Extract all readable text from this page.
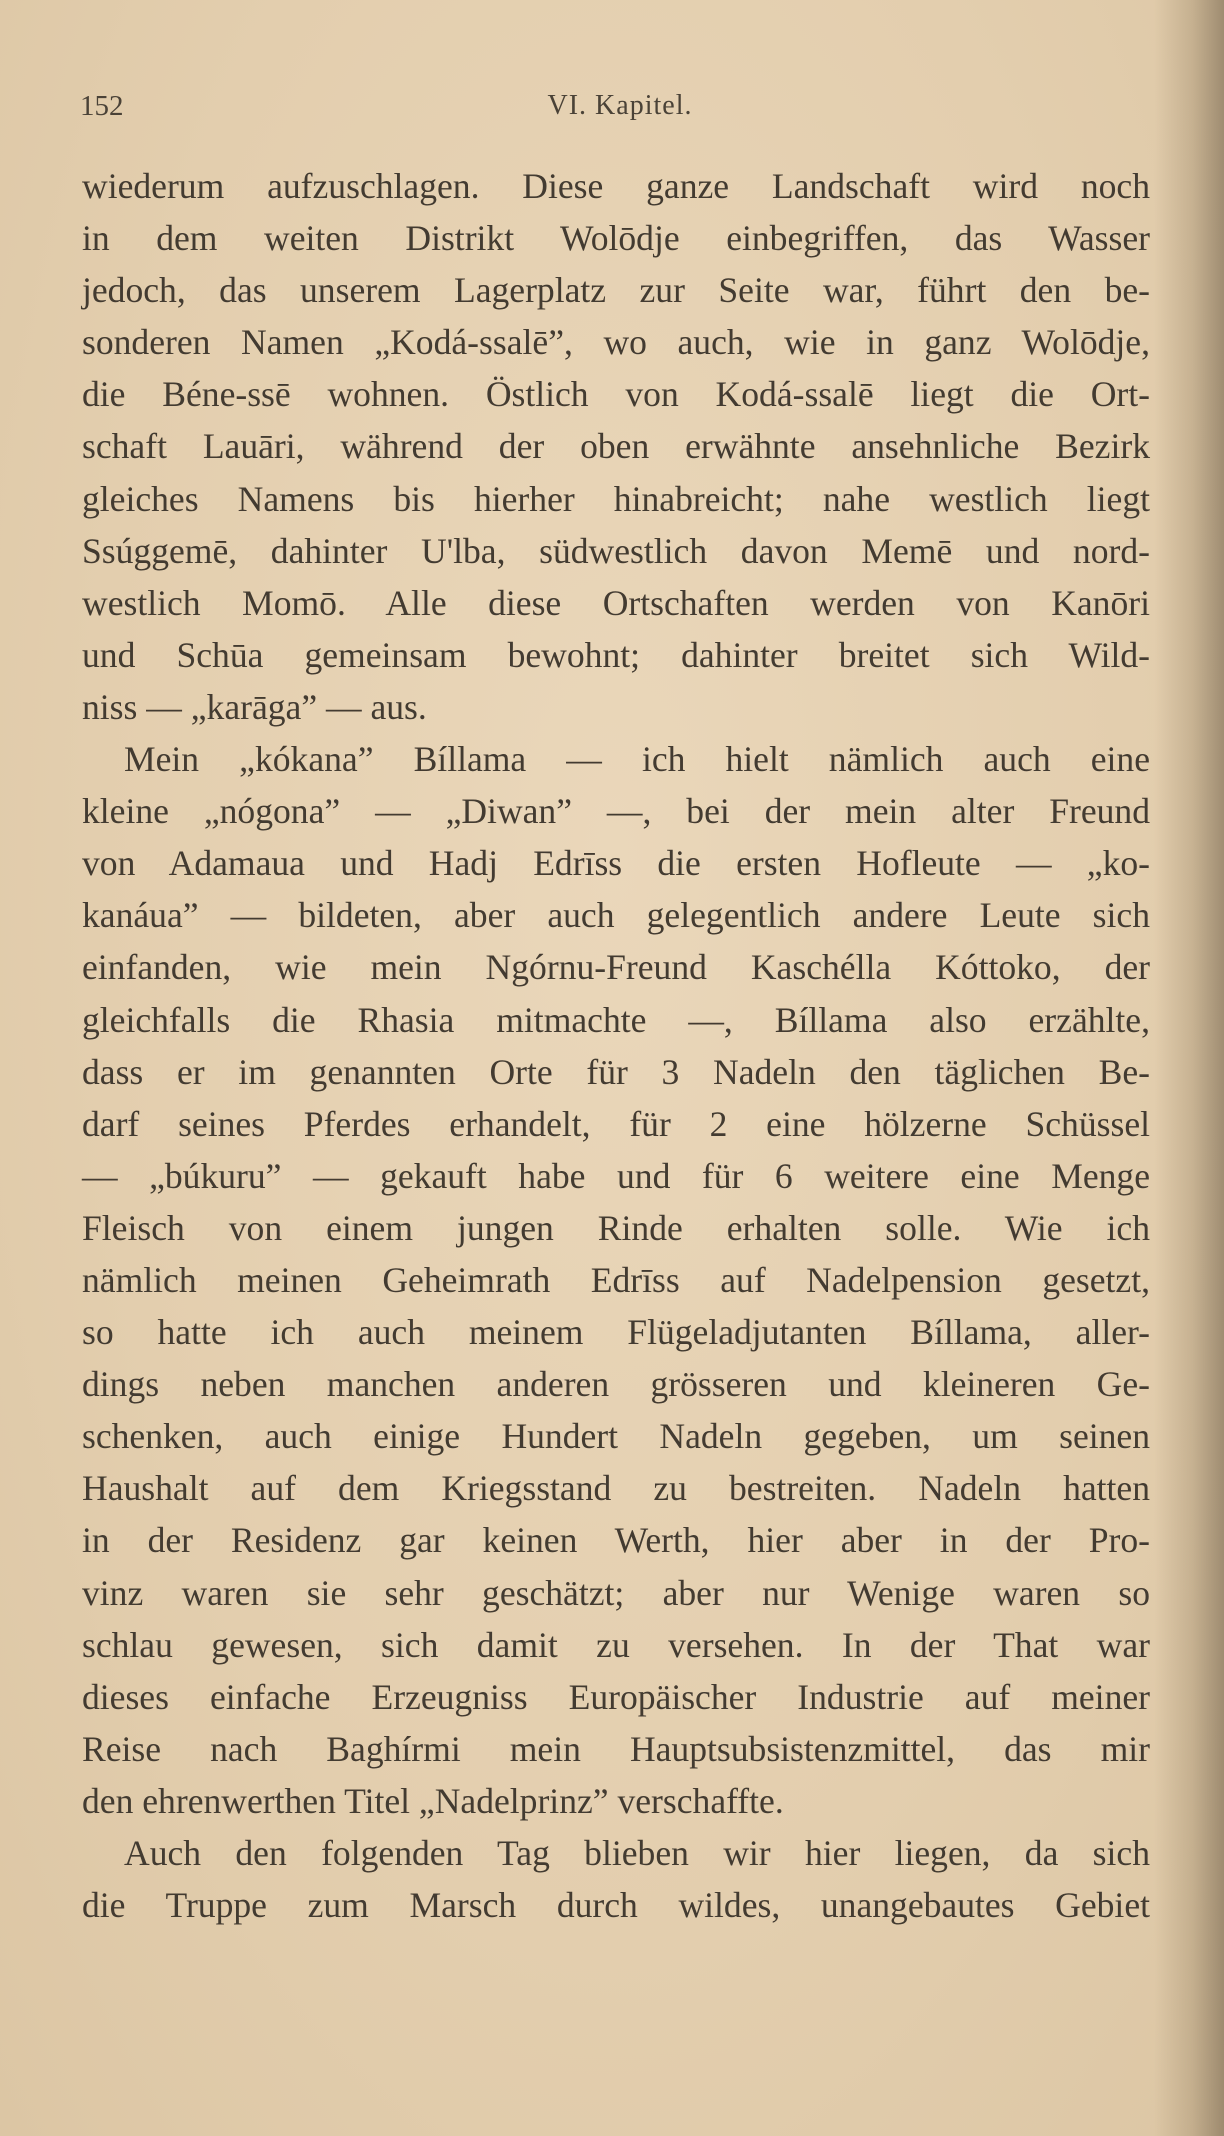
152	VI. Kapitel.
wiederum aufzuschlagen. Diese ganze Landschaft wird noch
in dem weiten Distrikt Wolōdje einbegriffen, das Wasser
jedoch, das unserem Lagerplatz zur Seite war, führt den be-
sonderen Namen „Kodá-ssalē”, wo auch, wie in ganz Wolōdje,
die Béne-ssē wohnen. Östlich von Kodá-ssalē liegt die Ort-
schaft Lauāri, während der oben erwähnte ansehnliche Bezirk
gleiches Namens bis hierher hinabreicht; nahe westlich liegt
Ssúggemē, dahinter U'lba, südwestlich davon Memē und nord-
westlich Momō. Alle diese Ortschaften werden von Kanōri
und Schūa gemeinsam bewohnt; dahinter breitet sich Wild-
niss — „karāga” — aus.
Mein „kókana” Bíllama — ich hielt nämlich auch eine
kleine „nógona” — „Diwan” —, bei der mein alter Freund
von Adamaua und Hadj Edrīss die ersten Hofleute — „ko-
kanáua” — bildeten, aber auch gelegentlich andere Leute sich
einfanden, wie mein Ngórnu-Freund Kaschélla Kóttoko, der
gleichfalls die Rhasia mitmachte —, Bíllama also erzählte,
dass er im genannten Orte für 3 Nadeln den täglichen Be-
darf seines Pferdes erhandelt, für 2 eine hölzerne Schüssel
— „búkuru” — gekauft habe und für 6 weitere eine Menge
Fleisch von einem jungen Rinde erhalten solle. Wie ich
nämlich meinen Geheimrath Edrīss auf Nadelpension gesetzt,
so hatte ich auch meinem Flügeladjutanten Bíllama, aller-
dings neben manchen anderen grösseren und kleineren Ge-
schenken, auch einige Hundert Nadeln gegeben, um seinen
Haushalt auf dem Kriegsstand zu bestreiten. Nadeln hatten
in der Residenz gar keinen Werth, hier aber in der Pro-
vinz waren sie sehr geschätzt; aber nur Wenige waren so
schlau gewesen, sich damit zu versehen. In der That war
dieses einfache Erzeugniss Europäischer Industrie auf meiner
Reise nach Baghírmi mein Hauptsubsistenzmittel, das mir
den ehrenwerthen Titel „Nadelprinz” verschaffte.
Auch den folgenden Tag blieben wir hier liegen, da sich
die Truppe zum Marsch durch wildes, unangebautes Gebiet
